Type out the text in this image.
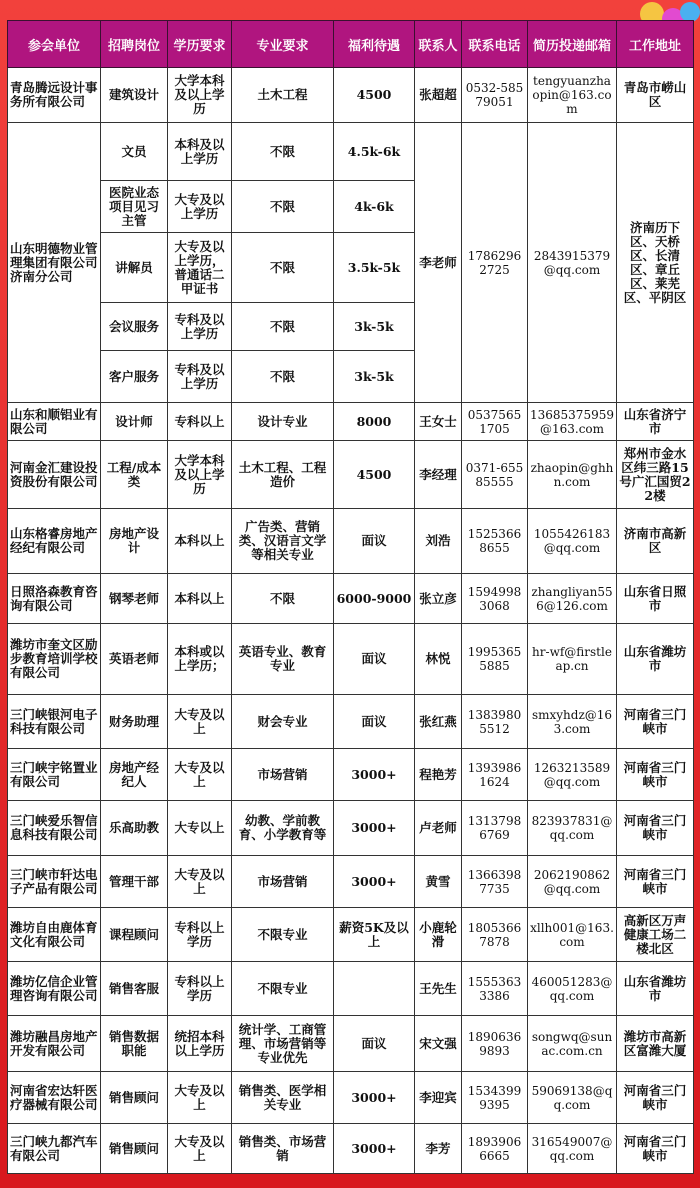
参会单位	招聘岗位	学历要求	专业要求	福利待遇	联系人	联系电话	简历投递邮箱	工作地址
青岛腾远设计事务所有限公司	建筑设计	大学本科及以上学历	土木工程	4500	张超超	0532-58579051	tengyuanzhaopin@163.com	青岛市崂山区
山东明德物业管理集团有限公司济南分公司	文员	本科及以上学历	不限	4.5k-6k	李老师	17862962725	2843915379@qq.com	济南历下区、天桥区、长清区、章丘区、莱芜区、平阴区
	医院业态项目见习主管	大专及以上学历	不限	4k-6k				
	讲解员	大专及以上学历，普通话二甲证书	不限	3.5k-5k				
	会议服务	专科及以上学历	不限	3k-5k				
	客户服务	专科及以上学历	不限	3k-5k				
山东和顺铝业有限公司	设计师	专科以上	设计专业	8000	王女士	05375651705	13685375959@163.com	山东省济宁市
河南金汇建设投资股份有限公司	工程/成本类	大学本科及以上学历	土木工程、工程造价	4500	李经理	0371-65585555	zhaopin@ghhn.com	郑州市金水区纬三路15号广汇国贸22楼
山东格睿房地产经纪有限公司	房地产设计	本科以上	广告类、营销类、汉语言文学等相关专业	面议	刘浩	15253668655	1055426183@qq.com	济南市高新区
日照洛森教育咨询有限公司	钢琴老师	本科以上	不限	6000-9000	张立彦	15949983068	zhangliyan556@126.com	山东省日照市
潍坊市奎文区励步教育培训学校有限公司	英语老师	本科或以上学历；	英语专业、教育专业	面议	林悦	19953655885	hr-wf@firstleap.cn	山东省潍坊市
三门峡银河电子科技有限公司	财务助理	大专及以上	财会专业	面议	张红燕	13839805512	smxyhdz@163.com	河南省三门峡市
三门峡宇铭置业有限公司	房地产经纪人	大专及以上	市场营销	3000+	程艳芳	13939861624	1263213589@qq.com	河南省三门峡市
三门峡爱乐智信息科技有限公司	乐高助教	大专以上	幼教、学前教育、小学教育等	3000+	卢老师	13137986769	823937831@qq.com	河南省三门峡市
三门峡市轩达电子产品有限公司	管理干部	大专及以上	市场营销	3000+	黄雪	13663987735	2062190862@qq.com	河南省三门峡市
潍坊自由鹿体育文化有限公司	课程顾问	专科以上学历	不限专业	薪资5K及以上	小鹿轮滑	18053667878	xllh001@163.com	高新区万声健康工场二楼北区
潍坊亿信企业管理咨询有限公司	销售客服	专科以上学历	不限专业		王先生	15553633386	460051283@qq.com	山东省潍坊市
潍坊融昌房地产开发有限公司	销售数据职能	统招本科以上学历	统计学、工商管理、市场营销等专业优先	面议	宋文强	18906369893	songwq@sunac.com.cn	潍坊市高新区富潍大厦
河南省宏达轩医疗器械有限公司	销售顾问	大专及以上	销售类、医学相关专业	3000+	李迎宾	15343999395	59069138@qq.com	河南省三门峡市
三门峡九都汽车有限公司	销售顾问	大专及以上	销售类、市场营销	3000+	李芳	18939066665	316549007@qq.com	河南省三门峡市
